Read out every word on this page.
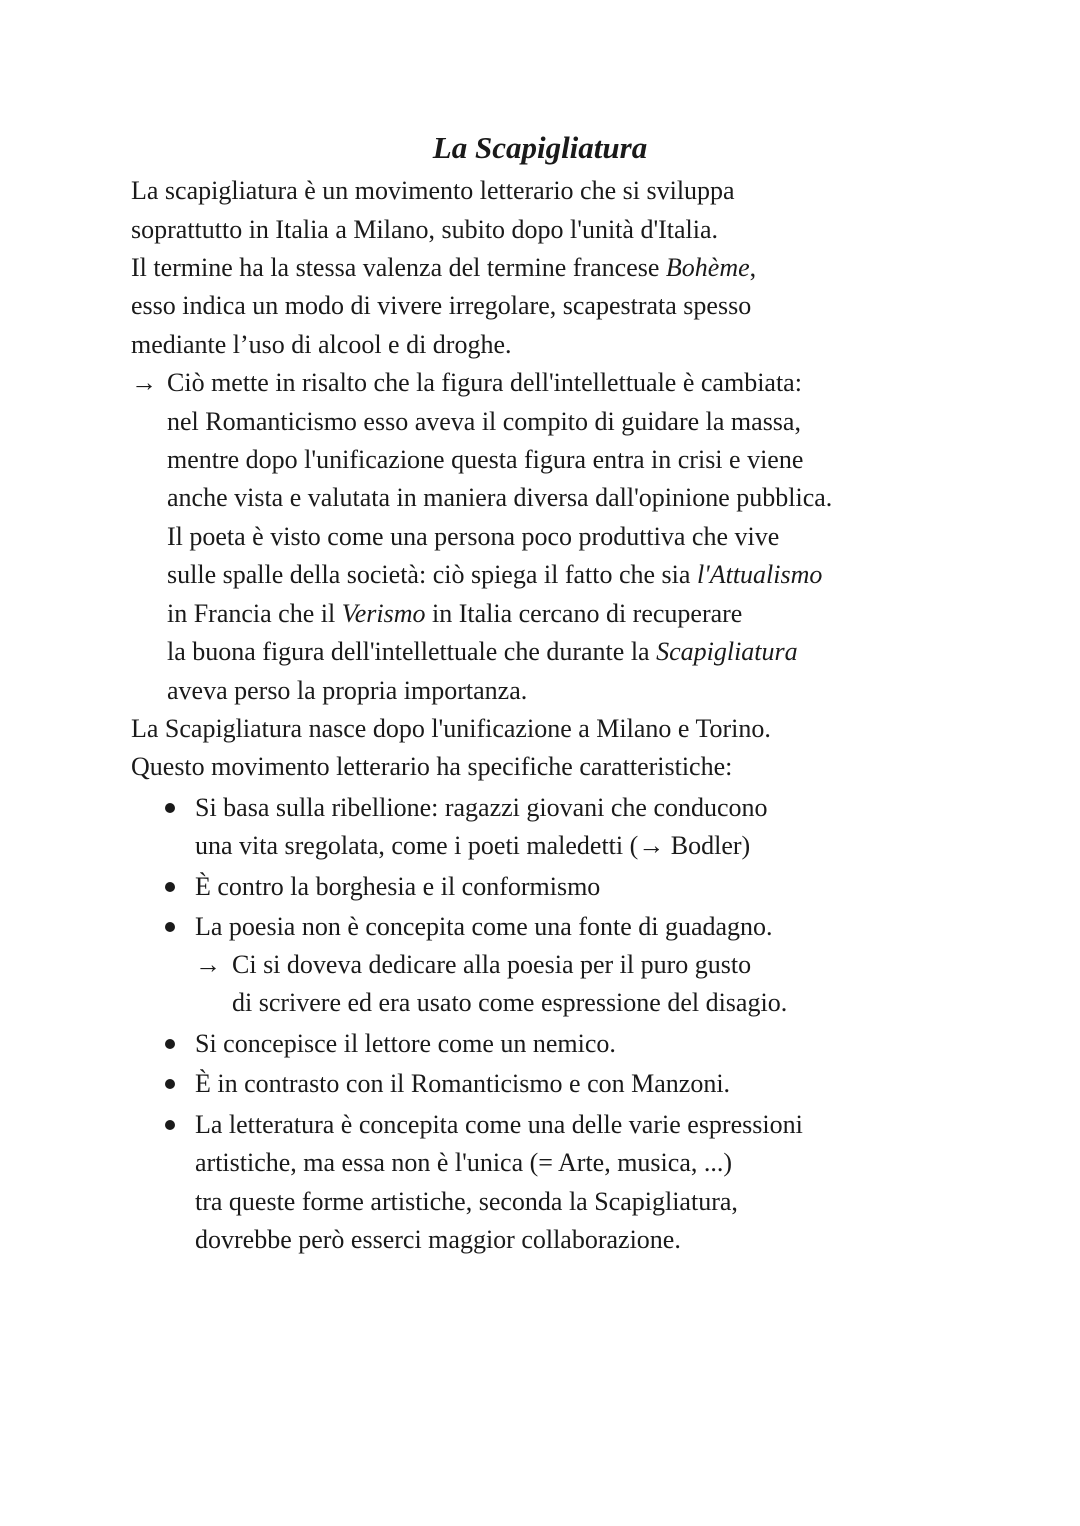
La Scapigliatura

La scapigliatura è un movimento letterario che si sviluppa

soprattutto in Italia a Milano, subito dopo l'unità d'Italia.

Il termine ha la stessa valenza del termine francese Bohème,

esso indica un modo di vivere irregolare, scapestrata spesso

mediante l’uso di alcool e di droghe.

→ Ciò mette in risalto che la figura dell'intellettuale è cambiata:

nel Romanticismo esso aveva il compito di guidare la massa,

mentre dopo l'unificazione questa figura entra in crisi e viene

anche vista e valutata in maniera diversa dall'opinione pubblica.

Il poeta è visto come una persona poco produttiva che vive

sulle spalle della società: ciò spiega il fatto che sia l'Attualismo

in Francia che il Verismo in Italia cercano di recuperare

la buona figura dell'intellettuale che durante la Scapigliatura

aveva perso la propria importanza.

La Scapigliatura nasce dopo l'unificazione a Milano e Torino.

Questo movimento letterario ha specifiche caratteristiche:

Si basa sulla ribellione: ragazzi giovani che conducono

una vita sregolata, come i poeti maledetti (→ Bodler)

È contro la borghesia e il conformismo

La poesia non è concepita come una fonte di guadagno.

→ Ci si doveva dedicare alla poesia per il puro gusto

di scrivere ed era usato come espressione del disagio.

Si concepisce il lettore come un nemico.

È in contrasto con il Romanticismo e con Manzoni.

La letteratura è concepita come una delle varie espressioni

artistiche, ma essa non è l'unica (= Arte, musica, ...)

tra queste forme artistiche, seconda la Scapigliatura,

dovrebbe però esserci maggior collaborazione.
